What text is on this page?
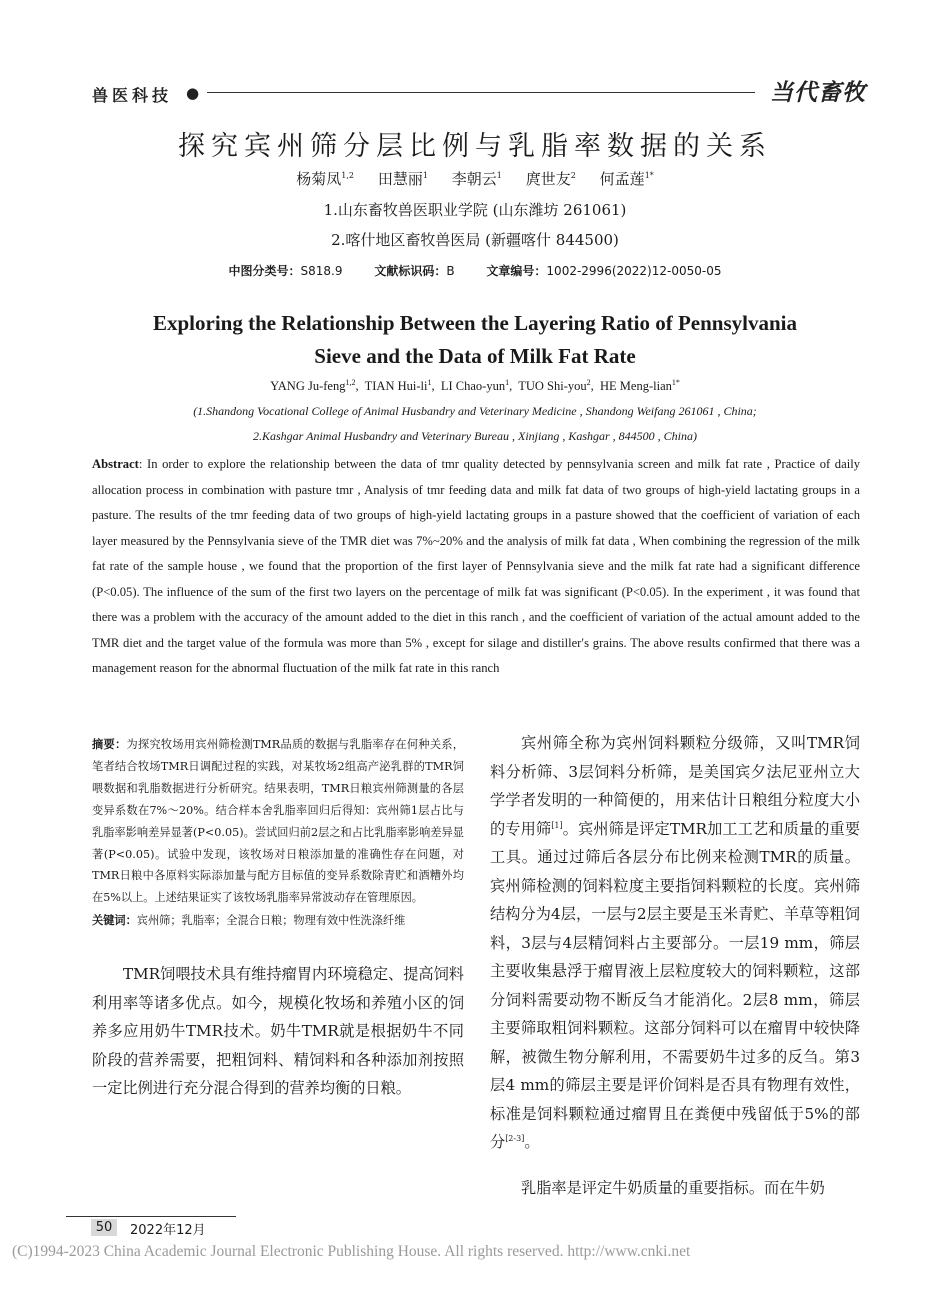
兽医科技 ●	当代畜牧
探究宾州筛分层比例与乳脂率数据的关系
杨菊凤$^{1,2}$ 田慧丽$^1$ 李朝云$^1$ 庹世友$^2$ 何孟莲$^{1*}$
1.山东畜牧兽医职业学院 (山东潍坊 261061)
2.喀什地区畜牧兽医局 (新疆喀什 844500)
中图分类号：S818.9	文献标识码：B	文章编号：1002-2996(2022)12-0050-05
Exploring the Relationship Between the Layering Ratio of Pennsylvania
Sieve and the Data of Milk Fat Rate
YANG Ju-feng$^{1,2}$,  TIAN Hui-$li^1$,  LI Chao-yun$^1$,  TUO Shi-you$^2$,  HE Meng-lian$^{1*}$
(1.Shandong Vocational College of Animal Husbandry and Veterinary Medicine , Shandong Weifang 261061 , China;
2.Kashgar Animal Husbandry and Veterinary Bureau , Xinjiang , Kashgar , 844500 , China)
Abstract: In order to explore the relationship between the data of tmr quality detected by pennsylvania screen and milk fat rate , Practice of daily allocation process in combination with pasture tmr , Analysis of tmr feeding data and milk fat data of two groups of high-yield lactating groups in a pasture. The results of the tmr feeding data of two groups of high-yield lactating groups in a pasture showed that the coefficient of variation of each layer measured by the Pennsylvania sieve of the TMR diet was 7%~20% and the analysis of milk fat data , When combining the regression of the milk fat rate of the sample house , we found that the proportion of the first layer of Pennsylvania sieve and the milk fat rate had a significant difference (P<0.05). The influence of the sum of the first two layers on the percentage of milk fat was significant (P<0.05). In the experiment , it was found that there was a problem with the accuracy of the amount added to the diet in this ranch , and the coefficient of variation of the actual amount added to the TMR diet and the target value of the formula was more than 5% , except for silage and distiller′s grains. The above results confirmed that there was a management reason for the abnormal fluctuation of the milk fat rate in this ranch
摘要：为探究牧场用宾州筛检测TMR品质的数据与乳脂率存在何种关系，笔者结合牧场TMR日调配过程的实践，对某牧场2组高产泌乳群的TMR饲喂数据和乳脂数据进行分析研究。结果表明，TMR日粮宾州筛测量的各层变异系数在7%～20%。结合样本舍乳脂率回归后得知：宾州筛1层占比与乳脂率影响差异显著(P<0.05)。尝试回归前2层之和占比乳脂率影响差异显著(P<0.05)。试验中发现，该牧场对日粮添加量的准确性存在问题，对TMR日粮中各原料实际添加量与配方目标值的变异系数除青贮和酒糟外均在5%以上。上述结果证实了该牧场乳脂率异常波动存在管理原因。
关键词：宾州筛；乳脂率；全混合日粮；物理有效中性洗涤纤维
TMR饲喂技术具有维持瘤胃内环境稳定、提高饲料利用率等诸多优点。如今，规模化牧场和养殖小区的饲养多应用奶牛TMR技术。奶牛TMR就是根据奶牛不同阶段的营养需要，把粗饲料、精饲料和各种添加剂按照一定比例进行充分混合得到的营养均衡的日粮。
宾州筛全称为宾州饲料颗粒分级筛，又叫TMR饲料分析筛、3层饲料分析筛，是美国宾夕法尼亚州立大学学者发明的一种简便的，用来估计日粮组分粒度大小的专用筛[1]。宾州筛是评定TMR加工工艺和质量的重要工具。通过过筛后各层分布比例来检测TMR的质量。宾州筛检测的饲料粒度主要指饲料颗粒的长度。宾州筛结构分为4层，一层与2层主要是玉米青贮、羊草等粗饲料，3层与4层精饲料占主要部分。一层19 mm，筛层主要收集悬浮于瘤胃液上层粒度较大的饲料颗粒，这部分饲料需要动物不断反刍才能消化。2层8 mm，筛层主要筛取粗饲料颗粒。这部分饲料可以在瘤胃中较快降解，被微生物分解利用，不需要奶牛过多的反刍。第3层4 mm的筛层主要是评价饲料是否具有物理有效性，标准是饲料颗粒通过瘤胃且在粪便中残留低于5%的部分[2-3]。
乳脂率是评定牛奶质量的重要指标。而在牛奶
50	2022年12月
(C)1994-2023 China Academic Journal Electronic Publishing House. All rights reserved. http://www.cnki.net
